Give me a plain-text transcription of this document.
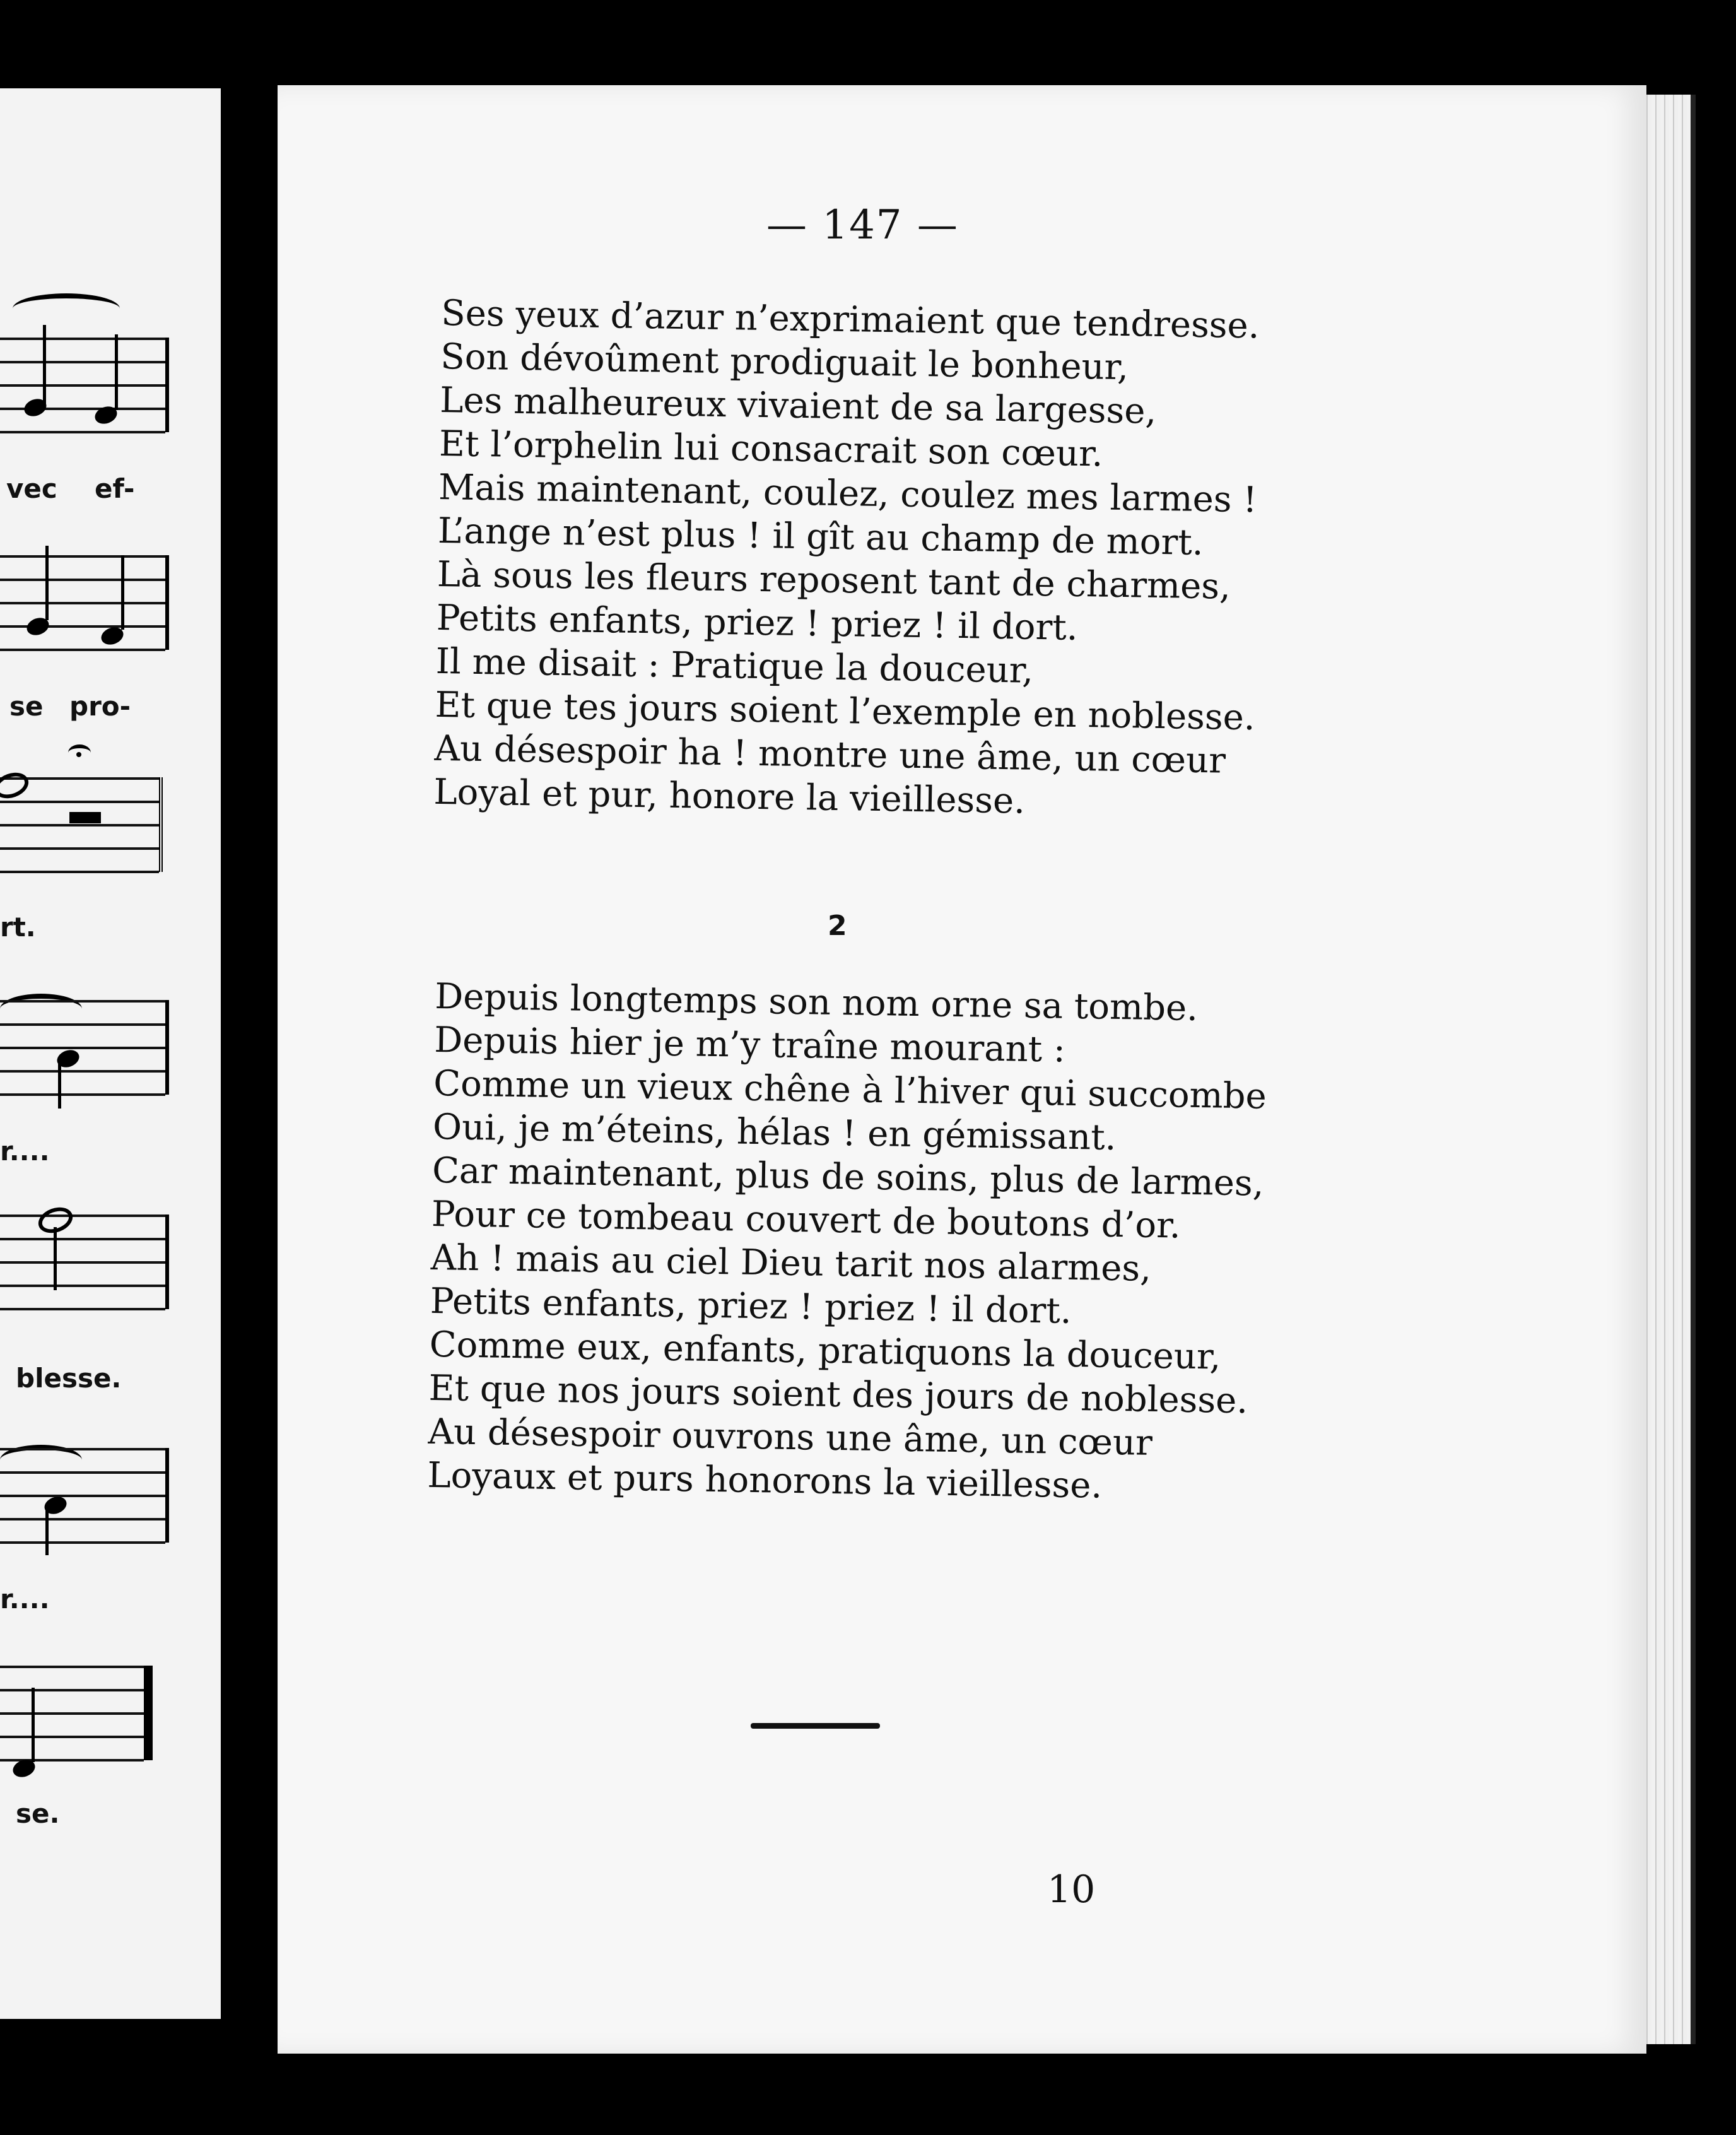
vec ef-
se pro-
rt.
r....
blesse.
r....
se.
— 147 —

Ses yeux d’azur n’exprimaient que tendresse.
Son dévoûment prodiguait le bonheur,
Les malheureux vivaient de sa largesse,
Et l’orphelin lui consacrait son cœur.
Mais maintenant, coulez, coulez mes larmes !
L’ange n’est plus ! il gît au champ de mort.
Là sous les fleurs reposent tant de charmes,
Petits enfants, priez ! priez ! il dort.
Il me disait : Pratique la douceur,
Et que tes jours soient l’exemple en noblesse.
Au désespoir ha ! montre une âme, un cœur
Loyal et pur, honore la vieillesse.

2

Depuis longtemps son nom orne sa tombe.
Depuis hier je m’y traîne mourant :
Comme un vieux chêne à l’hiver qui succombe
Oui, je m’éteins, hélas ! en gémissant.
Car maintenant, plus de soins, plus de larmes,
Pour ce tombeau couvert de boutons d’or.
Ah ! mais au ciel Dieu tarit nos alarmes,
Petits enfants, priez ! priez ! il dort.
Comme eux, enfants, pratiquons la douceur,
Et que nos jours soient des jours de noblesse.
Au désespoir ouvrons une âme, un cœur
Loyaux et purs honorons la vieillesse.

10
